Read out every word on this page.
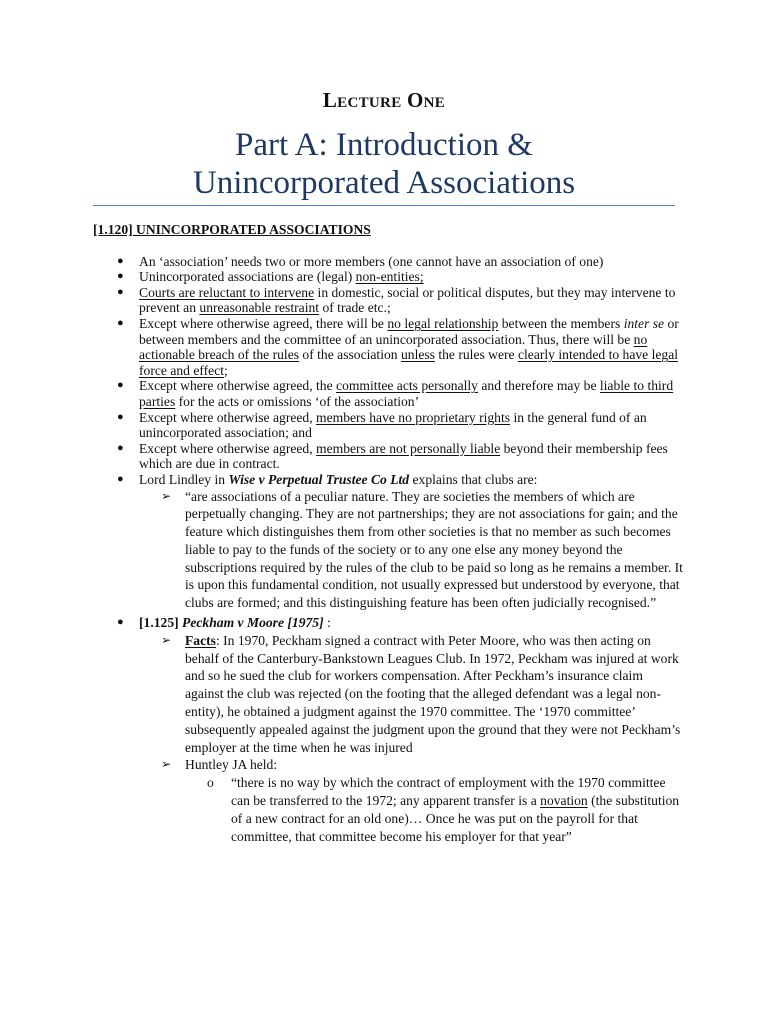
Lecture One
Part A: Introduction &
Unincorporated Associations
[1.120] UNINCORPORATED ASSOCIATIONS
● An ‘association’ needs two or more members (one cannot have an association of one)
● Unincorporated associations are (legal) non-entities;
● Courts are reluctant to intervene in domestic, social or political disputes, but they may intervene to prevent an unreasonable restraint of trade etc.;
● Except where otherwise agreed, there will be no legal relationship between the members inter se or between members and the committee of an unincorporated association. Thus, there will be no actionable breach of the rules of the association unless the rules were clearly intended to have legal force and effect;
● Except where otherwise agreed, the committee acts personally and therefore may be liable to third parties for the acts or omissions ‘of the association’
● Except where otherwise agreed, members have no proprietary rights in the general fund of an unincorporated association; and
● Except where otherwise agreed, members are not personally liable beyond their membership fees which are due in contract.
● Lord Lindley in Wise v Perpetual Trustee Co Ltd explains that clubs are:
➢ “are associations of a peculiar nature. They are societies the members of which are perpetually changing. They are not partnerships; they are not associations for gain; and the feature which distinguishes them from other societies is that no member as such becomes liable to pay to the funds of the society or to any one else any money beyond the subscriptions required by the rules of the club to be paid so long as he remains a member. It is upon this fundamental condition, not usually expressed but understood by everyone, that clubs are formed; and this distinguishing feature has been often judicially recognised.”
● [1.125] Peckham v Moore [1975] :
➢ Facts: In 1970, Peckham signed a contract with Peter Moore, who was then acting on behalf of the Canterbury-Bankstown Leagues Club. In 1972, Peckham was injured at work and so he sued the club for workers compensation. After Peckham’s insurance claim against the club was rejected (on the footing that the alleged defendant was a legal non-entity), he obtained a judgment against the 1970 committee. The ‘1970 committee’ subsequently appealed against the judgment upon the ground that they were not Peckham’s employer at the time when he was injured
➢ Huntley JA held:
o “there is no way by which the contract of employment with the 1970 committee can be transferred to the 1972; any apparent transfer is a novation (the substitution of a new contract for an old one)… Once he was put on the payroll for that committee, that committee become his employer for that year”
